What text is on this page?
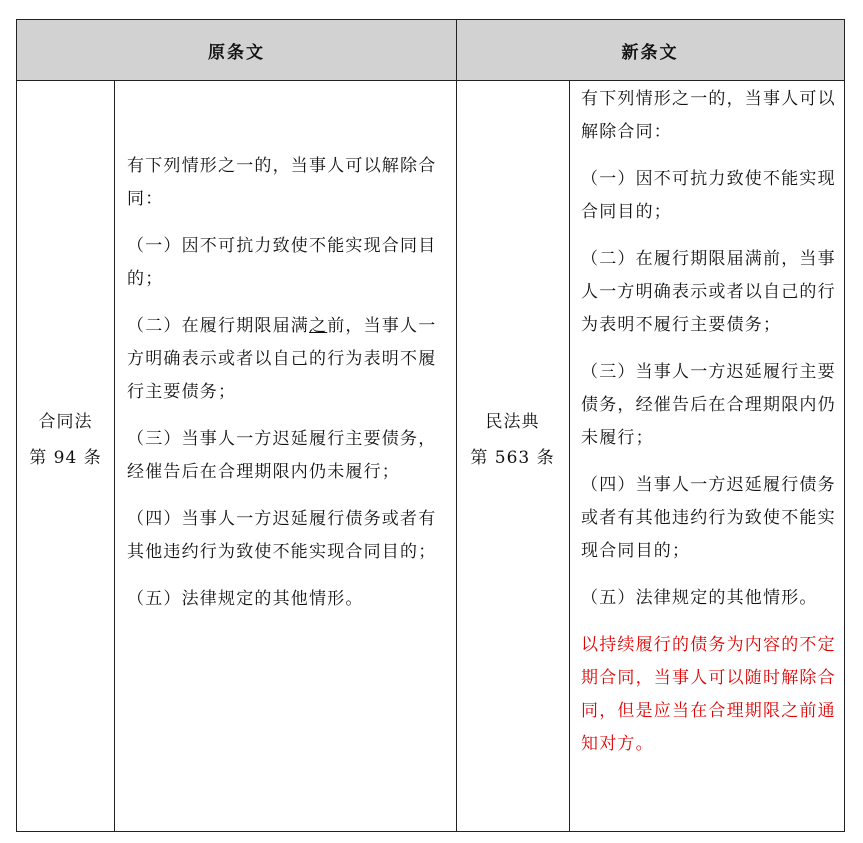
原条文	新条文
合同法
第 94 条

有下列情形之一的，当事人可以解除合同：

（一）因不可抗力致使不能实现合同目的；

（二）在履行期限届满之前，当事人一方明确表示或者以自己的行为表明不履行主要债务；

（三）当事人一方迟延履行主要债务，经催告后在合理期限内仍未履行；

（四）当事人一方迟延履行债务或者有其他违约行为致使不能实现合同目的；

（五）法律规定的其他情形。

民法典
第 563 条

有下列情形之一的，当事人可以解除合同：

（一）因不可抗力致使不能实现合同目的；

（二）在履行期限届满前，当事人一方明确表示或者以自己的行为表明不履行主要债务；

（三）当事人一方迟延履行主要债务，经催告后在合理期限内仍未履行；

（四）当事人一方迟延履行债务或者有其他违约行为致使不能实现合同目的；

（五）法律规定的其他情形。

以持续履行的债务为内容的不定期合同，当事人可以随时解除合同，但是应当在合理期限之前通知对方。
